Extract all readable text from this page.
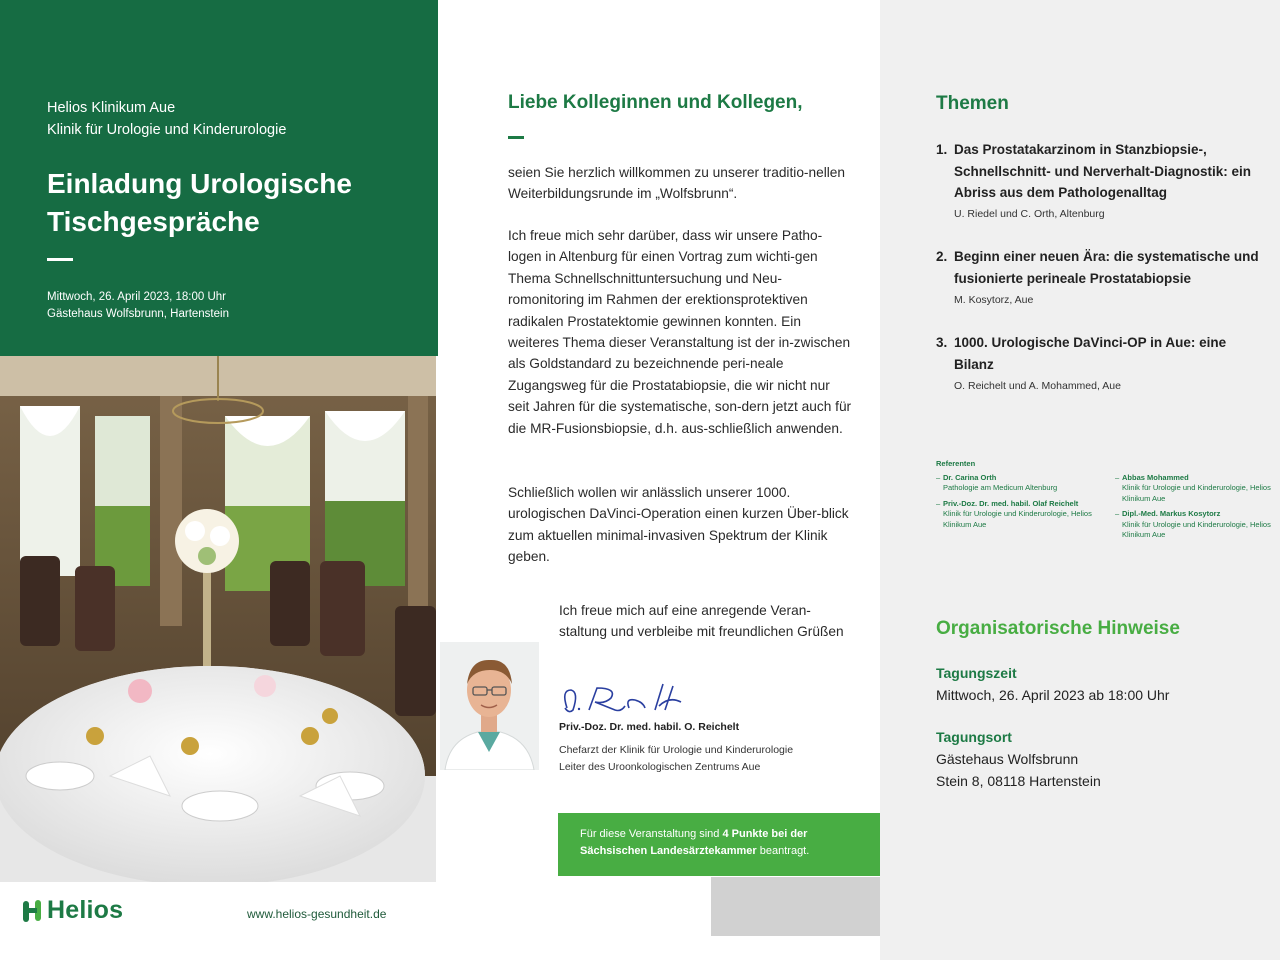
Helios Klinikum Aue
Klinik für Urologie und Kinderurologie
Einladung Urologische
Tischgespräche
Mittwoch, 26. April 2023, 18:00 Uhr
Gästehaus Wolfsbrunn, Hartenstein
Helios	www.helios-gesundheit.de
Liebe Kolleginnen und Kollegen,
seien Sie herzlich willkommen zu unserer traditio-nellen Weiterbildungsrunde im „Wolfsbrunn“.
Ich freue mich sehr darüber, dass wir unsere Patho-logen in Altenburg für einen Vortrag zum wichti-gen Thema Schnellschnittuntersuchung und Neu-romonitoring im Rahmen der erektionsprotektiven radikalen Prostatektomie gewinnen konnten. Ein weiteres Thema dieser Veranstaltung ist der in-zwischen als Goldstandard zu bezeichnende peri-neale Zugangsweg für die Prostatabiopsie, die wir nicht nur seit Jahren für die systematische, son-dern jetzt auch für die MR-Fusionsbiopsie, d.h. aus-schließlich anwenden.
Schließlich wollen wir anlässlich unserer 1000. urologischen DaVinci-Operation einen kurzen Über-blick zum aktuellen minimal-invasiven Spektrum der Klinik geben.
Ich freue mich auf eine anregende Veran-staltung und verbleibe mit freundlichen Grüßen
Priv.-Doz. Dr. med. habil. O. Reichelt
Chefarzt der Klinik für Urologie und Kinderurologie
Leiter des Uroonkologischen Zentrums Aue
Für diese Veranstaltung sind 4 Punkte bei der
Sächsischen Landesärztekammer beantragt.
Themen
1. Das Prostatakarzinom in Stanzbiopsie-, Schnellschnitt- und Nerverhalt-Diagnostik: ein Abriss aus dem Pathologenalltag
U. Riedel und C. Orth, Altenburg
2. Beginn einer neuen Ära: die systematische und fusionierte perineale Prostatabiopsie
M. Kosytorz, Aue
3. 1000. Urologische DaVinci-OP in Aue: eine Bilanz
O. Reichelt und A. Mohammed, Aue
Referenten
– Dr. Carina Orth
Pathologie am Medicum Altenburg
– Priv.-Doz. Dr. med. habil. Olaf Reichelt
Klinik für Urologie und Kinderurologie, Helios Klinikum Aue
– Abbas Mohammed
Klinik für Urologie und Kinderurologie, Helios Klinikum Aue
– Dipl.-Med. Markus Kosytorz
Klinik für Urologie und Kinderurologie, Helios Klinikum Aue
Organisatorische Hinweise
Tagungszeit
Mittwoch, 26. April 2023 ab 18:00 Uhr
Tagungsort
Gästehaus Wolfsbrunn
Stein 8, 08118 Hartenstein
